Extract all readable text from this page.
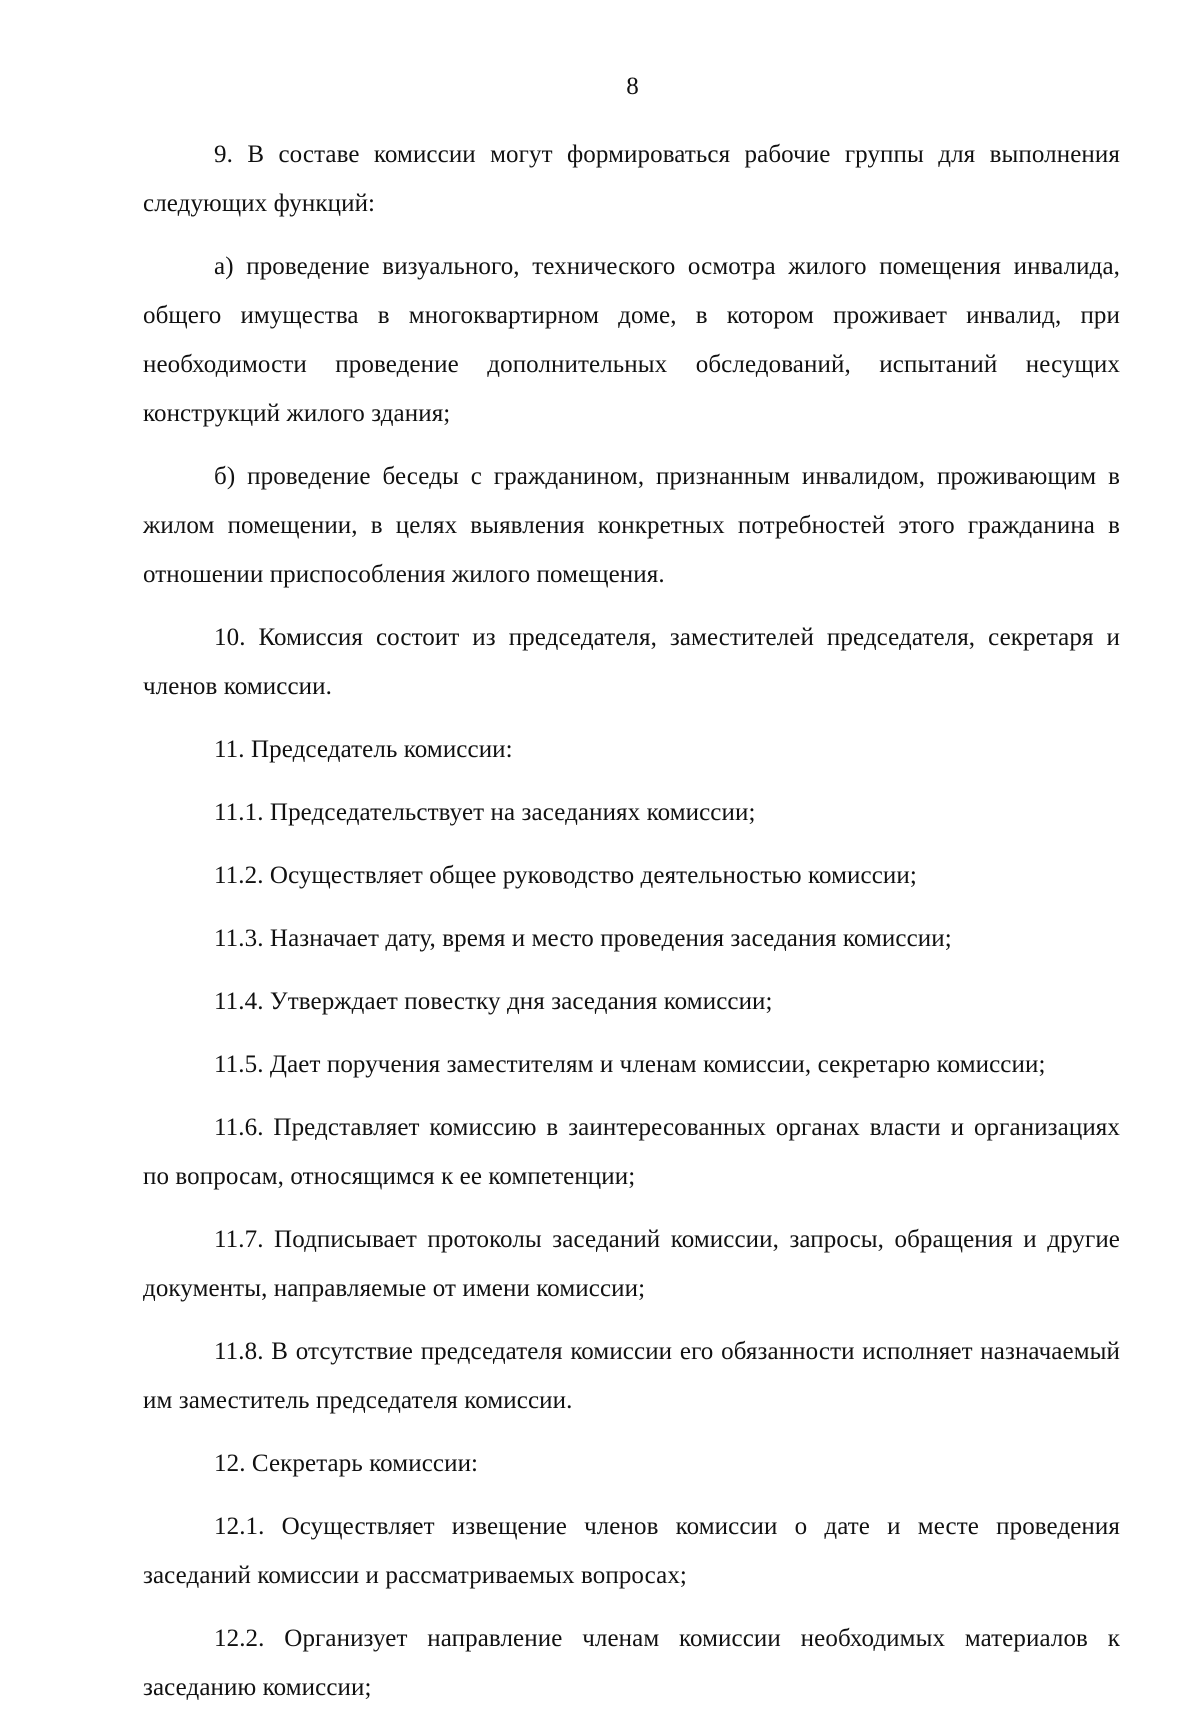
8

9. В составе комиссии могут формироваться рабочие группы для выполнения следующих функций:

а) проведение визуального, технического осмотра жилого помещения инвалида, общего имущества в многоквартирном доме, в котором проживает инвалид, при необходимости проведение дополнительных обследований, испытаний несущих конструкций жилого здания;

б) проведение беседы с гражданином, признанным инвалидом, проживающим в жилом помещении, в целях выявления конкретных потребностей этого гражданина в отношении приспособления жилого помещения.

10. Комиссия состоит из председателя, заместителей председателя, секретаря и членов комиссии.

11. Председатель комиссии:

11.1. Председательствует на заседаниях комиссии;

11.2. Осуществляет общее руководство деятельностью комиссии;

11.3. Назначает дату, время и место проведения заседания комиссии;

11.4. Утверждает повестку дня заседания комиссии;

11.5. Дает поручения заместителям и членам комиссии, секретарю комиссии;

11.6. Представляет комиссию в заинтересованных органах власти и организациях по вопросам, относящимся к ее компетенции;

11.7. Подписывает протоколы заседаний комиссии, запросы, обращения и другие документы, направляемые от имени комиссии;

11.8. В отсутствие председателя комиссии его обязанности исполняет назначаемый им заместитель председателя комиссии.

12. Секретарь комиссии:

12.1. Осуществляет извещение членов комиссии о дате и месте проведения заседаний комиссии и рассматриваемых вопросах;

12.2. Организует направление членам комиссии необходимых материалов к заседанию комиссии;
